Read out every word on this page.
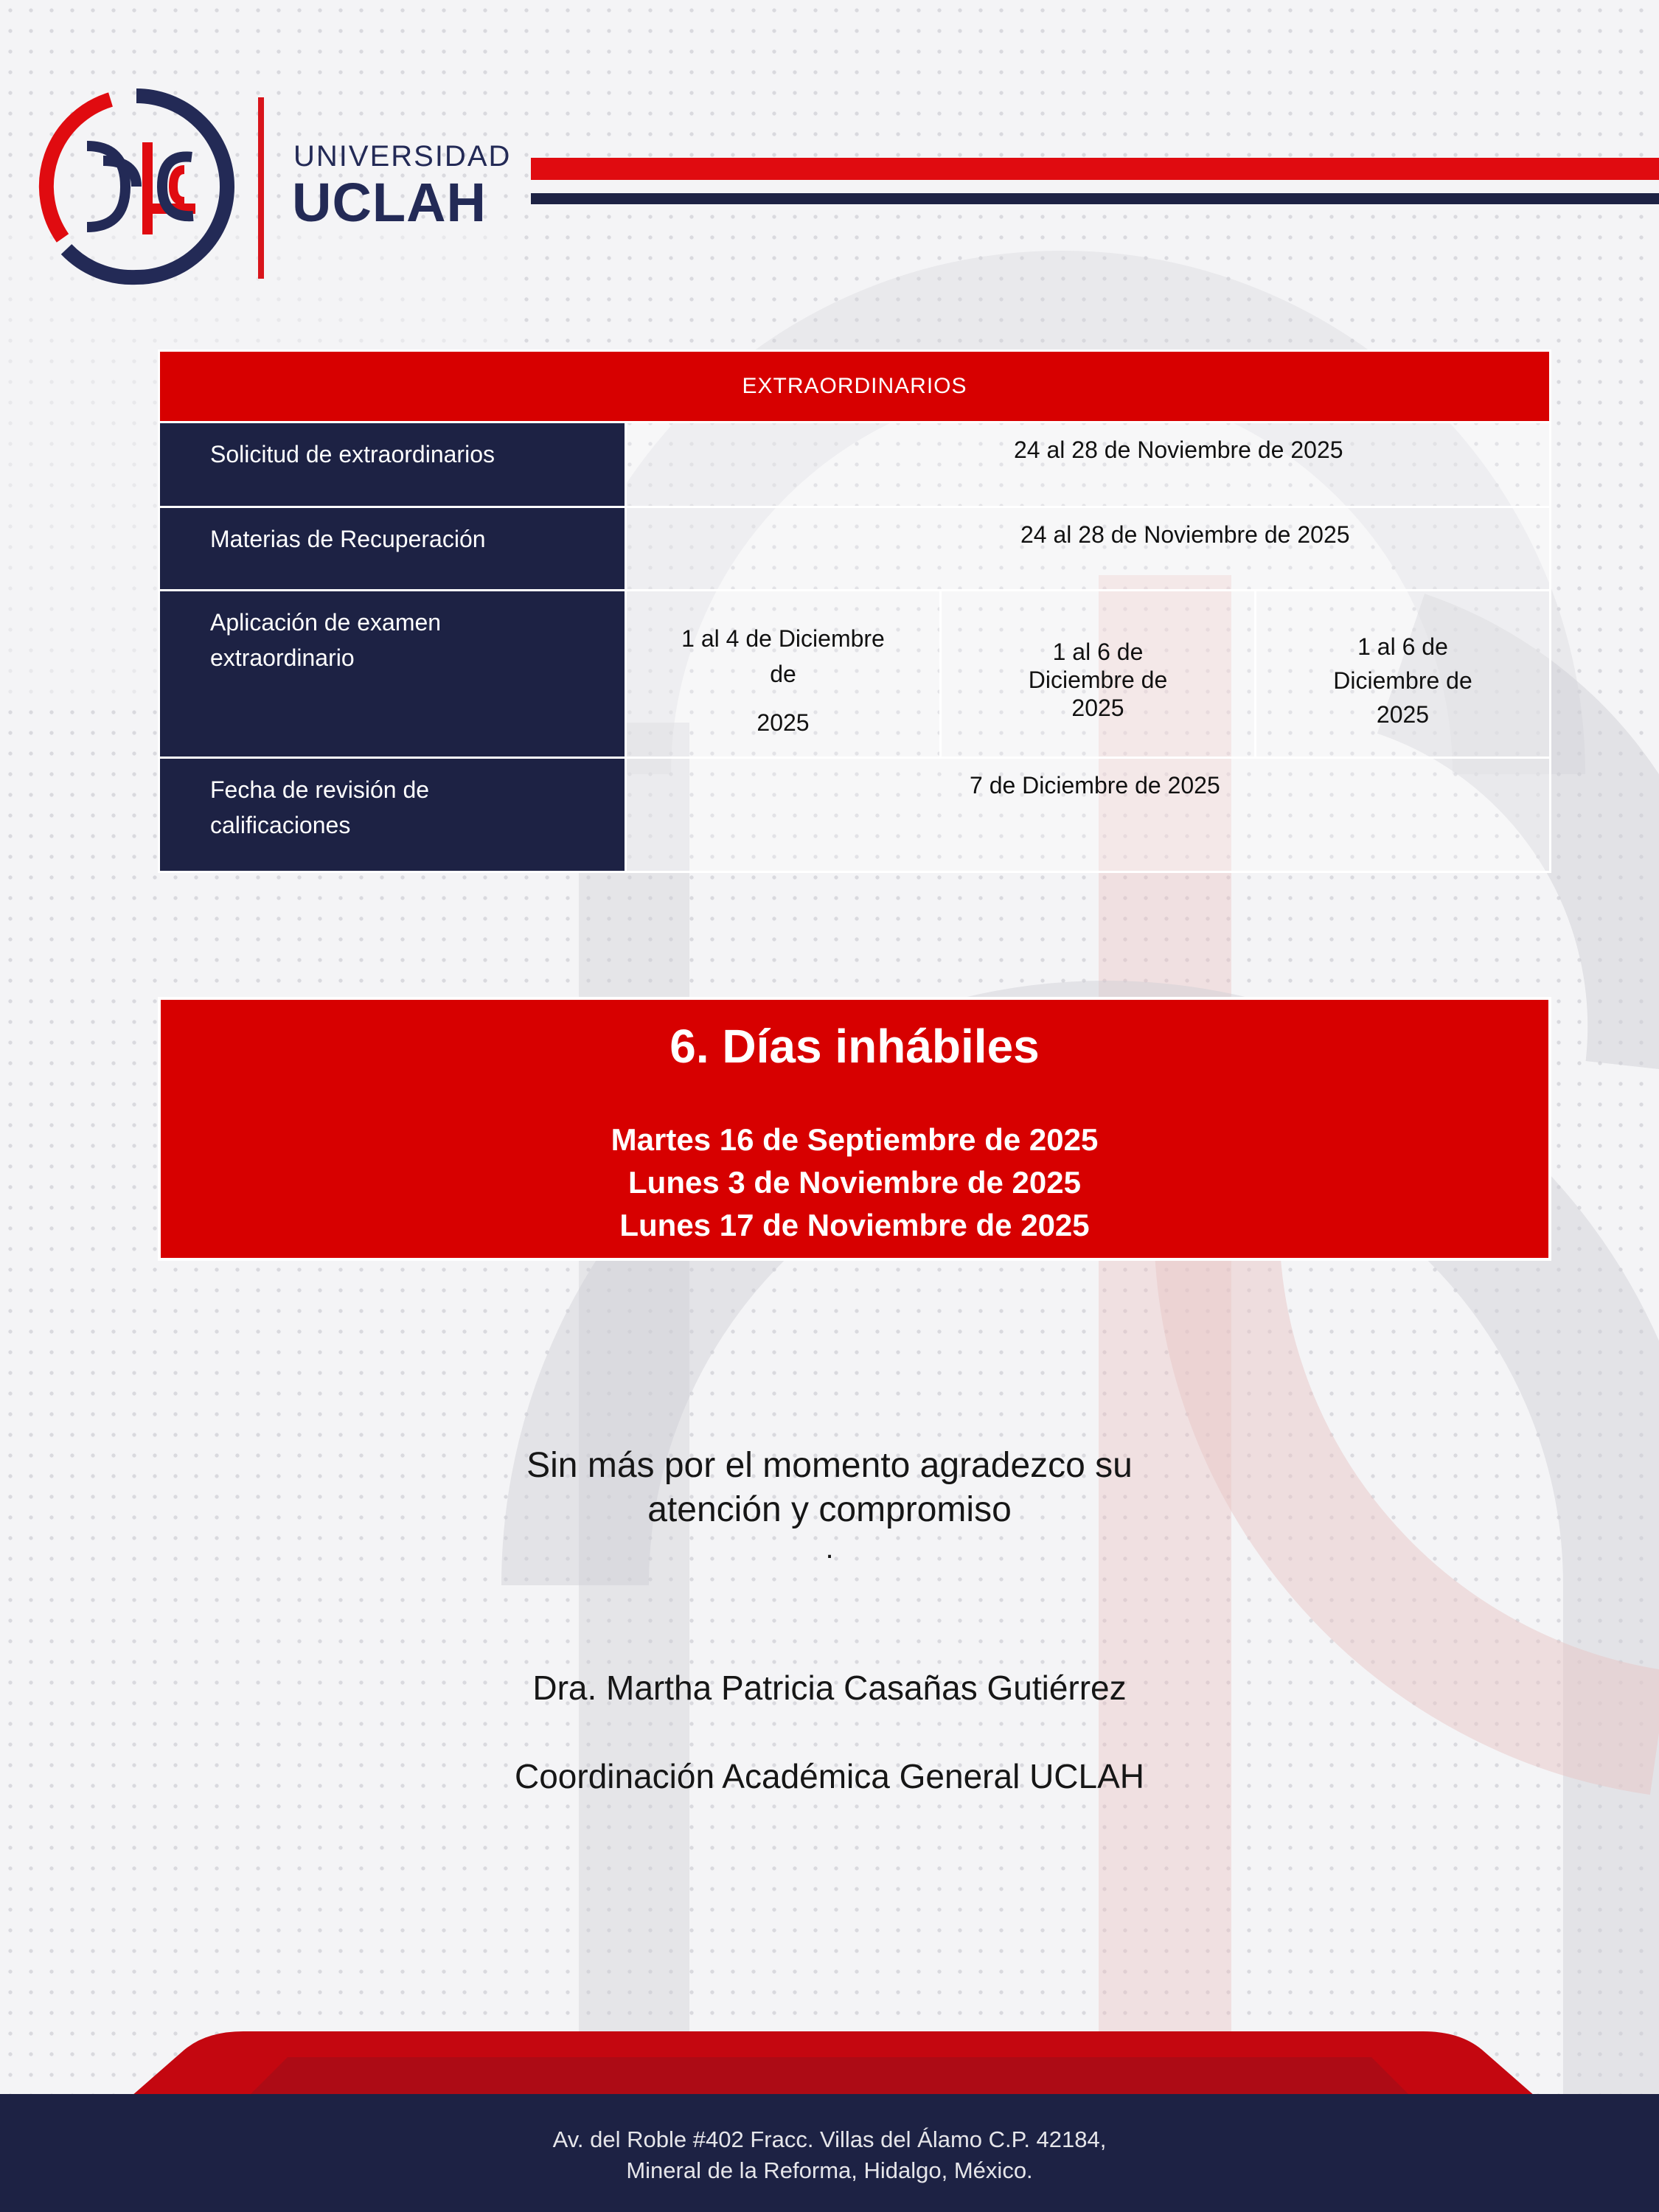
UNIVERSIDAD
UCLAH
EXTRAORDINARIOS
Solicitud de extraordinarios	24 al 28 de Noviembre de 2025
Materias de Recuperación	24 al 28 de Noviembre de 2025
Aplicación de examen
extraordinario
1 al 4 de Diciembre
de
2025
1 al 6 de
Diciembre de
2025
1 al 6 de
Diciembre de
2025
Fecha de revisión de
calificaciones
7 de Diciembre de 2025
6. Días inhábiles
Martes 16 de Septiembre de 2025
Lunes 3 de Noviembre de 2025
Lunes 17 de Noviembre de 2025
Sin más por el momento agradezco su
atención y compromiso
.
Dra. Martha Patricia Casañas Gutiérrez
Coordinación Académica General UCLAH
Av. del Roble #402 Fracc. Villas del Álamo C.P. 42184,
Mineral de la Reforma, Hidalgo, México.
